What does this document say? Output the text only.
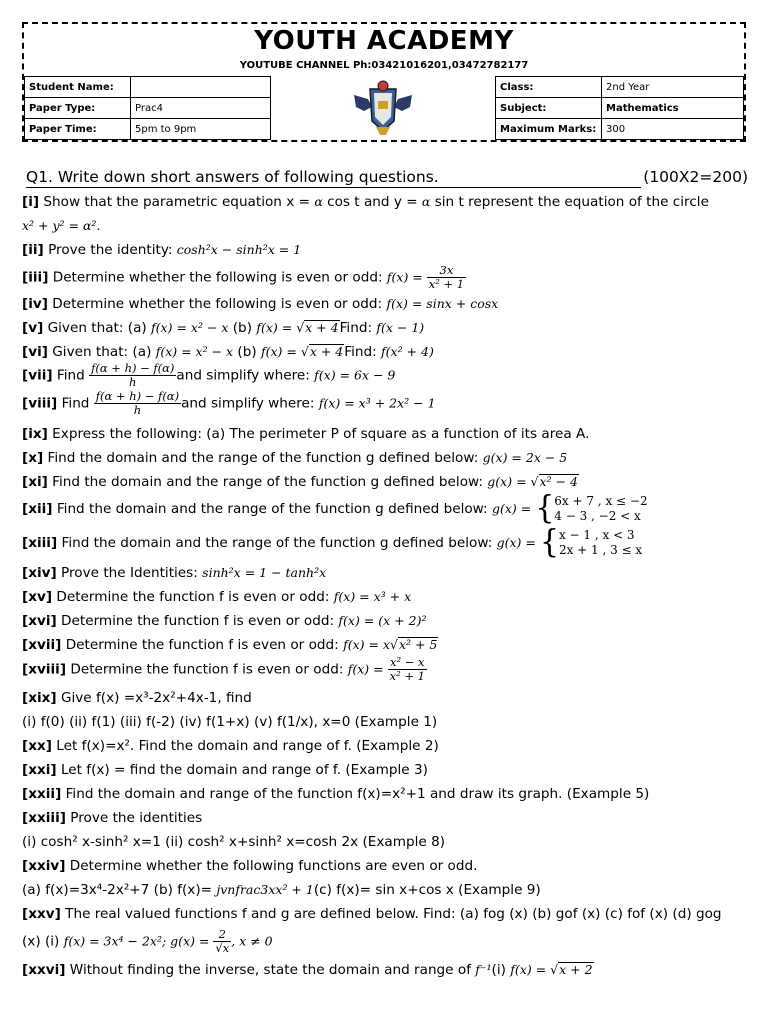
YOUTH ACADEMY
YOUTUBE CHANNEL Ph:03421016201,03472782177
Student Name:			Class:	2nd Year
Paper Type:	Prac4		Subject:	Mathematics
Paper Time:	5pm to 9pm		Maximum Marks:	300
Q1. Write down short answers of following questions.	(100X2=200)
[i] Show that the parametric equation x = α cos t and y = α sin t represent the equation of the circle
x² + y² = α².
[ii] Prove the identity: cosh²x − sinh²x = 1
[iii] Determine whether the following is even or odd: $f(x) = \frac{3x}{\text{x² + 1}}$
[iv] Determine whether the following is even or odd: f(x) = sinx + cosx
[v] Given that: (a) f(x) = x² − x (b) f(x) = √x + 4Find: f(x − 1)
[vi] Given that: (a) f(x) = x² − x (b) f(x) = √x + 4Find: f(x² + 4)
[vii] Find $\frac{f(\alpha + h) - f(\alpha)}{h}$ and simplify where: f(x) = 6x − 9
[viii] Find $\frac{f(\alpha + h) - f(\alpha)}{h}$ and simplify where: f(x) = x³ + 2x² − 1
[ix] Express the following: (a) The perimeter P of square as a function of its area A.
[x] Find the domain and the range of the function g defined below: g(x) = 2x − 5
[xi] Find the domain and the range of the function g defined below: g(x) = √x² − 4
[xii] Find the domain and the range of the function g defined below: g(x) = { 6x + 7 , x ≤ −2
4 − 3 , −2 < x
[xiii] Find the domain and the range of the function g defined below: g(x) = { x − 1 , x < 3
2x + 1 , 3 ≤ x
[xiv] Prove the Identities: sinh²x = 1 − tanh²x
[xv] Determine the function f is even or odd: f(x) = x³ + x
[xvi] Determine the function f is even or odd: f(x) = (x + 2)²
[xvii] Determine the function f is even or odd: f(x) = x√x² + 5
[xviii] Determine the function f is even or odd: $f(x) = \frac{\text{x² − x}}{\text{x² + 1}}$
[xix] Give f(x) =x³-2x²+4x-1, find
(i) f(0) (ii) f(1) (iii) f(-2) (iv) f(1+x) (v) f(1/x), x=0 (Example 1)
[xx] Let f(x)=x². Find the domain and range of f. (Example 2)
[xxi] Let f(x) = find the domain and range of f. (Example 3)
[xxii] Find the domain and range of the function f(x)=x²+1 and draw its graph. (Example 5)
[xxiii] Prove the identities
(i) cosh² x-sinh² x=1 (ii) cosh² x+sinh² x=cosh 2x (Example 8)
[xxiv] Determine whether the following functions are even or odd.
(a) f(x)=3x⁴-2x²+7 (b) f(x)= jvnfrac3xx² + 1(c) f(x)= sin x+cos x (Example 9)
[xxv] The real valued functions f and g are defined below. Find: (a) fog (x) (b) gof (x) (c) fof (x) (d) gog
(x) (i) f(x) = 3x⁴ − 2x²; $g(x) = \frac{2}{√x}$ , x ≠ 0
[xxvi] Without finding the inverse, state the domain and range of f⁻¹(i) f(x) = √x + 2
